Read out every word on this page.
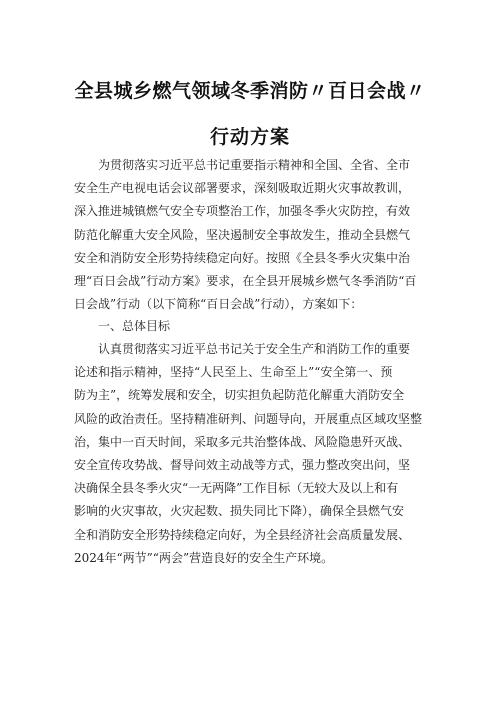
全县城乡燃气领域冬季消防〃百日会战〃
行动方案
为贯彻落实习近平总书记重要指示精神和全国、全省、全市
安全生产电视电话会议部署要求，深刻吸取近期火灾事故教训，
深入推进城镇燃气安全专项整治工作，加强冬季火灾防控，有效
防范化解重大安全风险，坚决遏制安全事故发生，推动全县燃气
安全和消防安全形势持续稳定向好。按照《全县冬季火灾集中治
理“百日会战”行动方案》要求，在全县开展城乡燃气冬季消防“百
日会战”行动（以下简称“百日会战”行动），方案如下：
一、总体目标
认真贯彻落实习近平总书记关于安全生产和消防工作的重要
论述和指示精神，坚持“人民至上、生命至上”“安全第一、预
防为主”，统筹发展和安全，切实担负起防范化解重大消防安全
风险的政治责任。坚持精准研判、问题导向，开展重点区域攻坚整
治，集中一百天时间，采取多元共治整体战、风险隐患歼灭战、
安全宣传攻势战、督导问效主动战等方式，强力整改突出问，坚
决确保全县冬季火灾“一无两降”工作目标（无较大及以上和有
影响的火灾事故，火灾起数、损失同比下降），确保全县燃气安
全和消防安全形势持续稳定向好，为全县经济社会高质量发展、
2024年“两节”“两会”营造良好的安全生产环境。
